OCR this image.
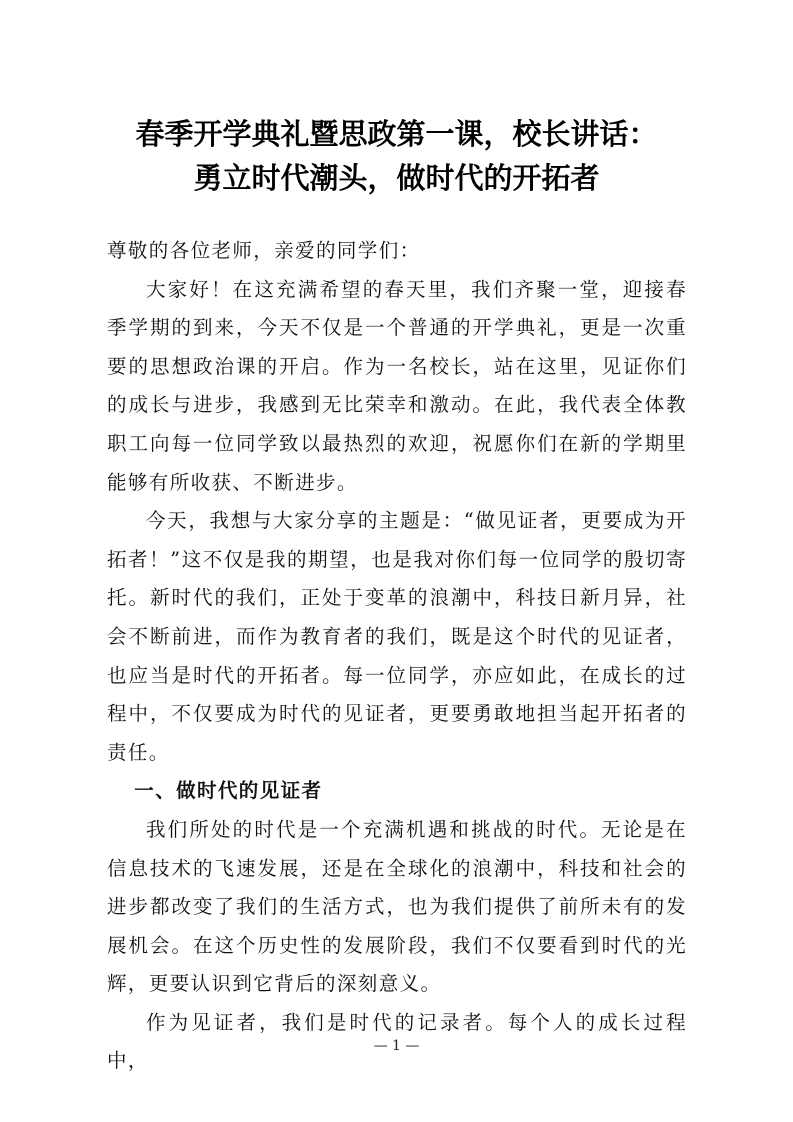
春季开学典礼暨思政第一课，校长讲话：
勇立时代潮头，做时代的开拓者

尊敬的各位老师，亲爱的同学们：

大家好！在这充满希望的春天里，我们齐聚一堂，迎接春季学期的到来，今天不仅是一个普通的开学典礼，更是一次重要的思想政治课的开启。作为一名校长，站在这里，见证你们的成长与进步，我感到无比荣幸和激动。在此，我代表全体教职工向每一位同学致以最热烈的欢迎，祝愿你们在新的学期里能够有所收获、不断进步。

今天，我想与大家分享的主题是：“做见证者，更要成为开拓者！”这不仅是我的期望，也是我对你们每一位同学的殷切寄托。新时代的我们，正处于变革的浪潮中，科技日新月异，社会不断前进，而作为教育者的我们，既是这个时代的见证者，也应当是时代的开拓者。每一位同学，亦应如此，在成长的过程中，不仅要成为时代的见证者，更要勇敢地担当起开拓者的责任。

一、做时代的见证者

我们所处的时代是一个充满机遇和挑战的时代。无论是在信息技术的飞速发展，还是在全球化的浪潮中，科技和社会的进步都改变了我们的生活方式，也为我们提供了前所未有的发展机会。在这个历史性的发展阶段，我们不仅要看到时代的光辉，更要认识到它背后的深刻意义。

作为见证者，我们是时代的记录者。每个人的成长过程中，

— 1 —
